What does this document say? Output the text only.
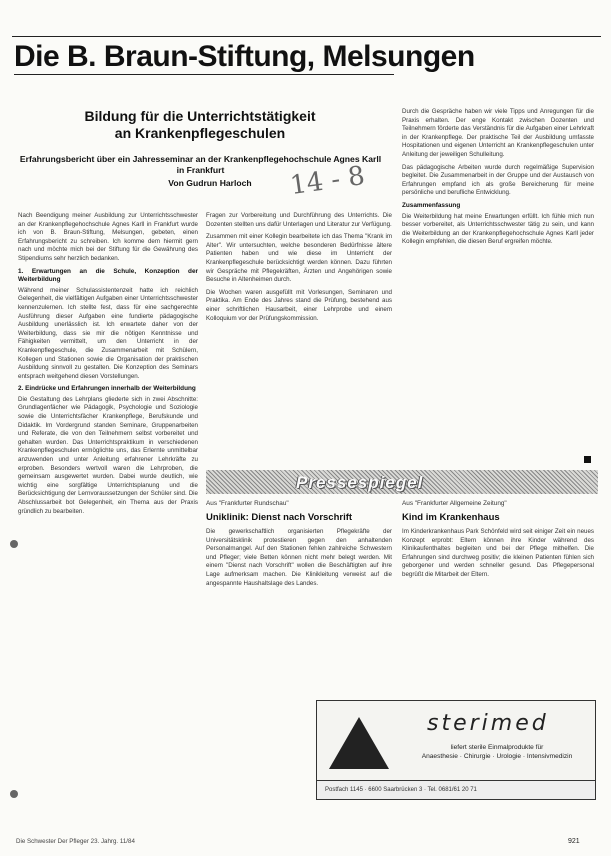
Die B. Braun-Stiftung, Melsungen
Bildung für die Unterrichtstätigkeit
an Krankenpflegeschulen
Erfahrungsbericht über ein Jahresseminar an der Krankenpflegehochschule Agnes Karll in Frankfurt
Von Gudrun Harloch	14 - 8

Nach Beendigung meiner Ausbildung zur Unterrichtsschwester an der Krankenpflegehochschule Agnes Karll in Frankfurt wurde ich von B. Braun-Stiftung, Melsungen, gebeten, einen Erfahrungsbericht zu schreiben. Ich komme dem hiermit gern nach und möchte mich bei der Stiftung für die Gewährung des Stipendiums sehr herzlich bedanken.

1. Erwartungen an die Schule, Konzeption der Weiterbildung

Während meiner Schulassistentenzeit hatte ich reichlich Gelegenheit, die vielfältigen Aufgaben einer Unterrichtsschwester kennenzulernen. Ich stellte fest, dass für eine sachgerechte Ausführung dieser Aufgaben eine fundierte pädagogische Ausbildung unerlässlich ist. Ich erwartete daher von der Weiterbildung, dass sie mir die nötigen Kenntnisse und Fähigkeiten vermittelt, um den Unterricht in der Krankenpflegeschule, die Zusammenarbeit mit Schülern, Kollegen und Stationen sowie die Organisation der praktischen Ausbildung sinnvoll zu gestalten. Die Konzeption des Seminars entsprach weitgehend diesen Vorstellungen.

2. Eindrücke und Erfahrungen innerhalb der Weiterbildung

Die Gestaltung des Lehrplans gliederte sich in zwei Abschnitte: Grundlagenfächer wie Pädagogik, Psychologie und Soziologie sowie die Unterrichtsfächer Krankenpflege, Berufskunde und Didaktik. Im Vordergrund standen Seminare, Gruppenarbeiten und Referate, die von den Teilnehmern selbst vorbereitet und gehalten wurden. Das Unterrichtspraktikum in verschiedenen Krankenpflegeschulen ermöglichte uns, das Erlernte unmittelbar anzuwenden und unter Anleitung erfahrener Lehrkräfte zu erproben. Besonders wertvoll waren die Lehrproben, die gemeinsam ausgewertet wurden. Dabei wurde deutlich, wie wichtig eine sorgfältige Unterrichtsplanung und die Berücksichtigung der Lernvoraussetzungen der Schüler sind. Die Abschlussarbeit bot Gelegenheit, ein Thema aus der Praxis gründlich zu bearbeiten.

Fragen zur Vorbereitung und Durchführung des Unterrichts. Die Dozenten stellten uns dafür Unterlagen und Literatur zur Verfügung.

Zusammen mit einer Kollegin bearbeitete ich das Thema "Krank im Alter". Wir untersuchten, welche besonderen Bedürfnisse ältere Patienten haben und wie diese im Unterricht der Krankenpflegeschule berücksichtigt werden können. Dazu führten wir Gespräche mit Pflegekräften, Ärzten und Angehörigen sowie Besuche in Altenheimen durch.

Die Wochen waren ausgefüllt mit Vorlesungen, Seminaren und Praktika. Am Ende des Jahres stand die Prüfung, bestehend aus einer schriftlichen Hausarbeit, einer Lehrprobe und einem Kolloquium vor der Prüfungskommission.

Durch die Gespräche haben wir viele Tipps und Anregungen für die Praxis erhalten. Der enge Kontakt zwischen Dozenten und Teilnehmern förderte das Verständnis für die Aufgaben einer Lehrkraft in der Krankenpflege. Der praktische Teil der Ausbildung umfasste Hospitationen und eigenen Unterricht an Krankenpflegeschulen unter Anleitung der jeweiligen Schulleitung.

Das pädagogische Arbeiten wurde durch regelmäßige Supervision begleitet. Die Zusammenarbeit in der Gruppe und der Austausch von Erfahrungen empfand ich als große Bereicherung für meine persönliche und berufliche Entwicklung.

Zusammenfassung

Die Weiterbildung hat meine Erwartungen erfüllt. Ich fühle mich nun besser vorbereitet, als Unterrichtsschwester tätig zu sein, und kann die Weiterbildung an der Krankenpflegehochschule Agnes Karll jeder Kollegin empfehlen, die diesen Beruf ergreifen möchte.

Pressespiegel
Aus "Frankfurter Rundschau"
Uniklinik: Dienst nach Vorschrift

Die gewerkschaftlich organisierten Pflegekräfte der Universitätsklinik protestieren gegen den anhaltenden Personalmangel. Auf den Stationen fehlen zahlreiche Schwestern und Pfleger; viele Betten können nicht mehr belegt werden. Mit einem "Dienst nach Vorschrift" wollen die Beschäftigten auf ihre Lage aufmerksam machen. Die Klinikleitung verweist auf die angespannte Haushaltslage des Landes.

Aus "Frankfurter Allgemeine Zeitung"
Kind im Krankenhaus

Im Kinderkrankenhaus Park Schönfeld wird seit einiger Zeit ein neues Konzept erprobt: Eltern können ihre Kinder während des Klinikaufenthaltes begleiten und bei der Pflege mithelfen. Die Erfahrungen sind durchweg positiv; die kleinen Patienten fühlen sich geborgener und werden schneller gesund. Das Pflegepersonal begrüßt die Mitarbeit der Eltern.

sterimed
liefert sterile Einmalprodukte für
Anaesthesie · Chirurgie · Urologie · Intensivmedizin
Postfach 1145 · 6600 Saarbrücken 3 · Tel. 0681/61 20 71
Die Schwester Der Pfleger 23. Jahrg. 11/84	921
